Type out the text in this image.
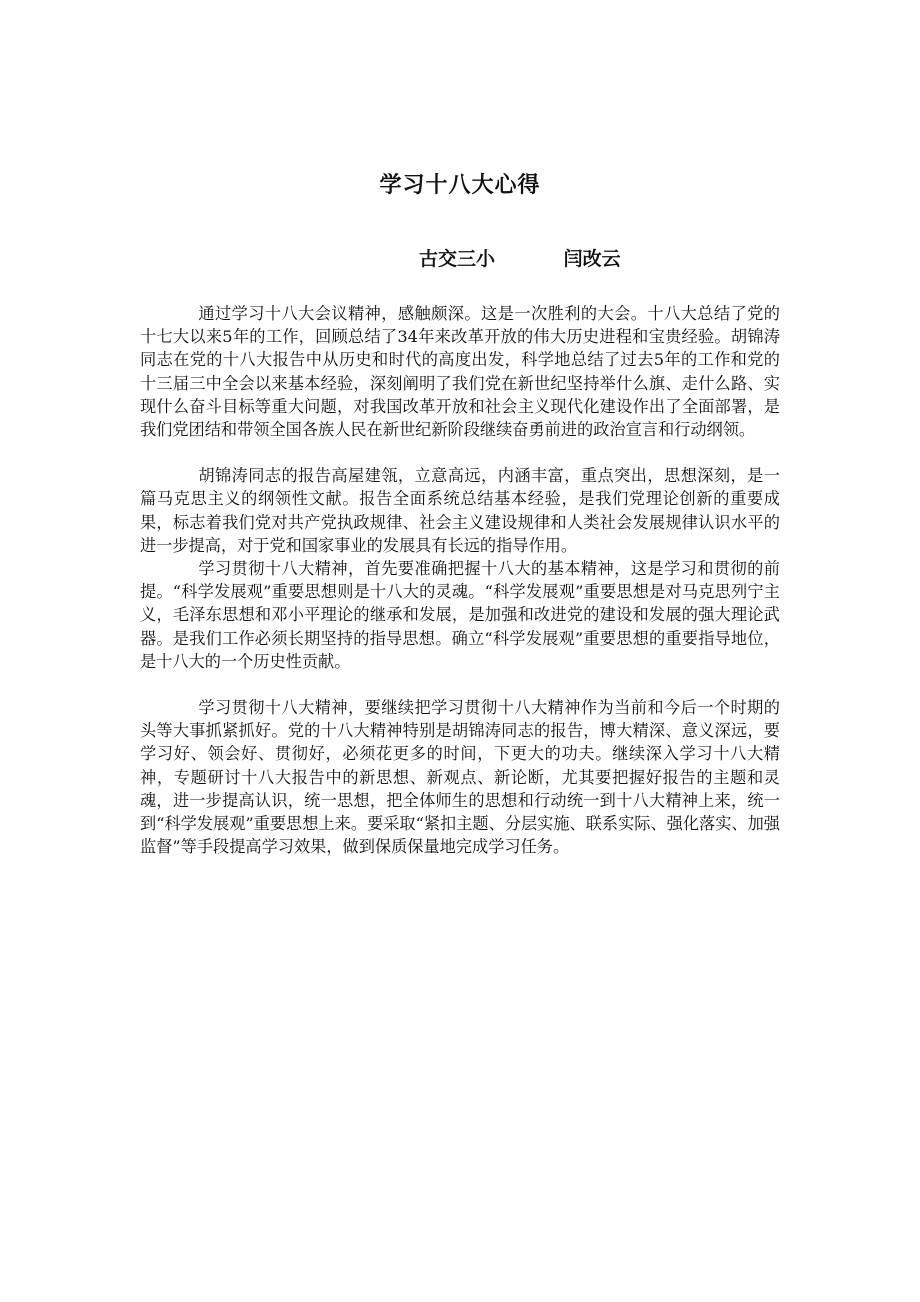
学习十八大心得
古交三小	闫改云

通过学习十八大会议精神，感触颇深。这是一次胜利的大会。十八大总结了党的十七大以来5年的工作，回顾总结了34年来改革开放的伟大历史进程和宝贵经验。胡锦涛同志在党的十八大报告中从历史和时代的高度出发，科学地总结了过去5年的工作和党的十三届三中全会以来基本经验，深刻阐明了我们党在新世纪坚持举什么旗、走什么路、实现什么奋斗目标等重大问题，对我国改革开放和社会主义现代化建设作出了全面部署，是我们党团结和带领全国各族人民在新世纪新阶段继续奋勇前进的政治宣言和行动纲领。

胡锦涛同志的报告高屋建瓴，立意高远，内涵丰富，重点突出，思想深刻，是一篇马克思主义的纲领性文献。报告全面系统总结基本经验，是我们党理论创新的重要成果，标志着我们党对共产党执政规律、社会主义建设规律和人类社会发展规律认识水平的进一步提高，对于党和国家事业的发展具有长远的指导作用。

学习贯彻十八大精神，首先要准确把握十八大的基本精神，这是学习和贯彻的前提。“科学发展观”重要思想则是十八大的灵魂。“科学发展观”重要思想是对马克思列宁主义，毛泽东思想和邓小平理论的继承和发展，是加强和改进党的建设和发展的强大理论武器。是我们工作必须长期坚持的指导思想。确立“科学发展观”重要思想的重要指导地位，是十八大的一个历史性贡献。

学习贯彻十八大精神，要继续把学习贯彻十八大精神作为当前和今后一个时期的头等大事抓紧抓好。党的十八大精神特别是胡锦涛同志的报告，博大精深、意义深远，要学习好、领会好、贯彻好，必须花更多的时间，下更大的功夫。继续深入学习十八大精神，专题研讨十八大报告中的新思想、新观点、新论断，尤其要把握好报告的主题和灵魂，进一步提高认识，统一思想，把全体师生的思想和行动统一到十八大精神上来，统一到“科学发展观”重要思想上来。要采取“紧扣主题、分层实施、联系实际、强化落实、加强监督”等手段提高学习效果，做到保质保量地完成学习任务。
